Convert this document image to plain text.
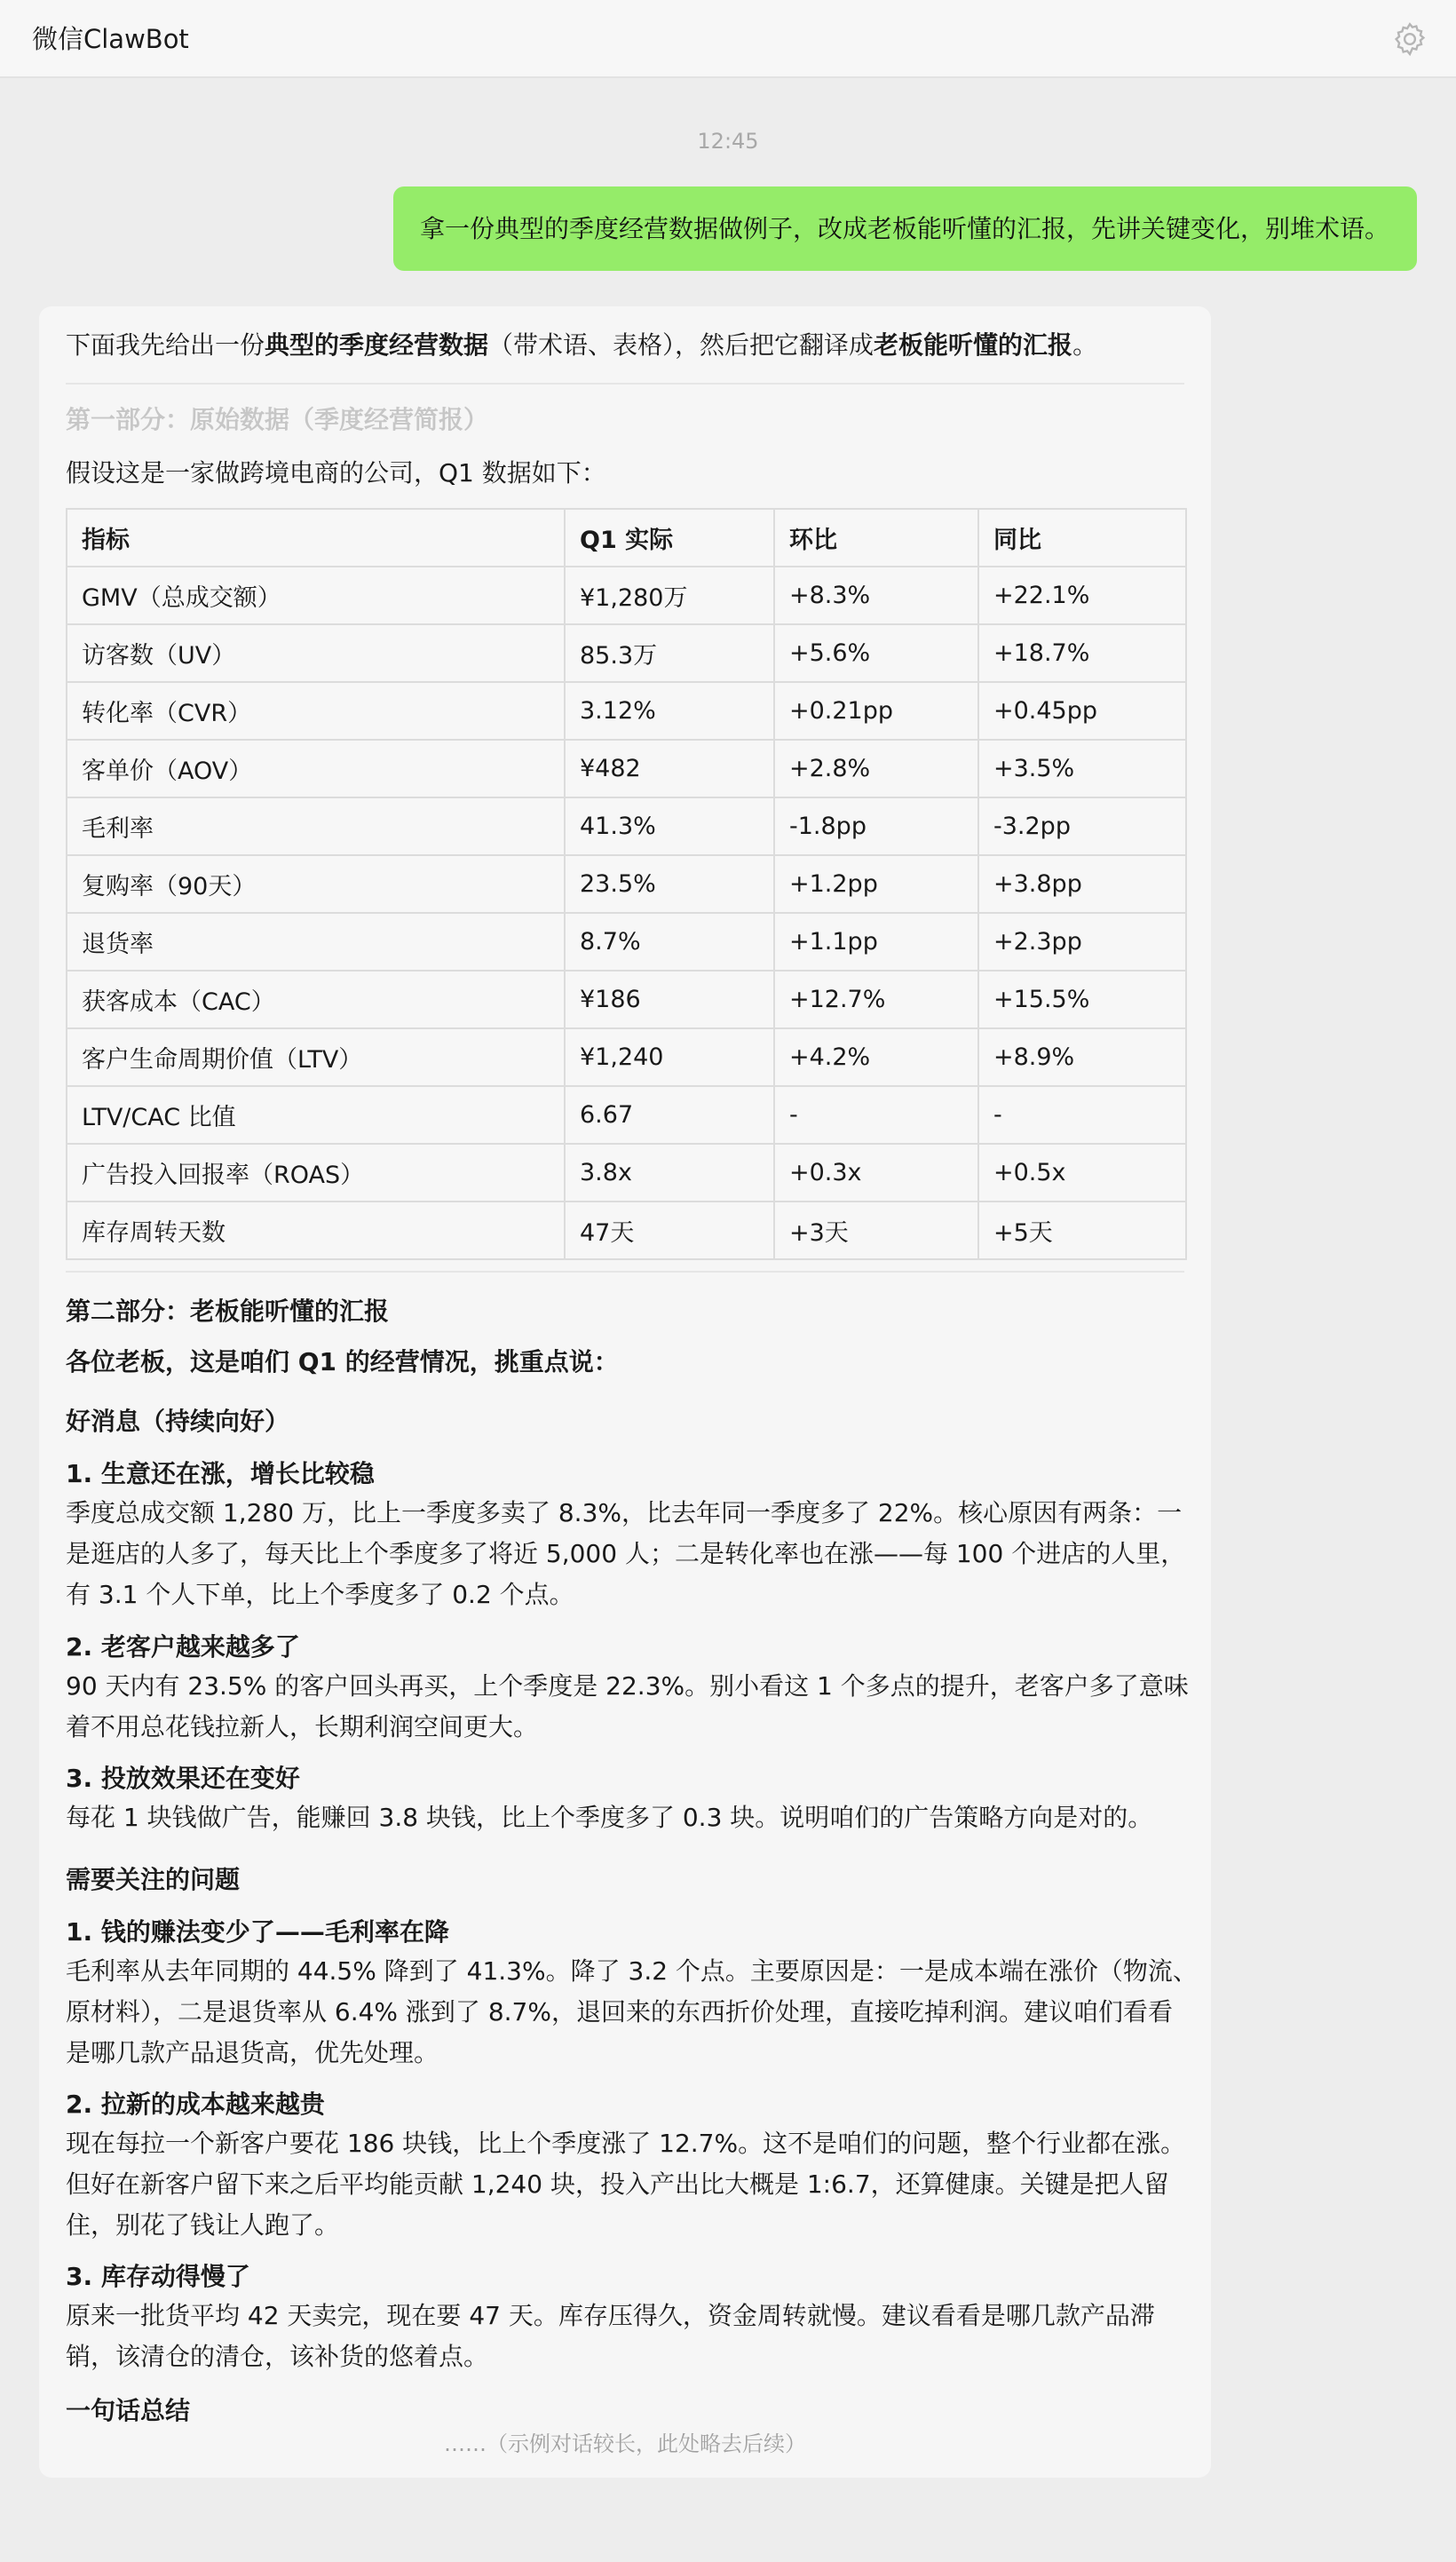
微信ClawBot
12:45
拿一份典型的季度经营数据做例子，改成老板能听懂的汇报，先讲关键变化，别堆术语。
下面我先给出一份典型的季度经营数据（带术语、表格），然后把它翻译成老板能听懂的汇报。
第一部分：原始数据（季度经营简报）
假设这是一家做跨境电商的公司，Q1 数据如下：
指标	Q1 实际	环比	同比
GMV（总成交额）	¥1,280万	+8.3%	+22.1%
访客数（UV）	85.3万	+5.6%	+18.7%
转化率（CVR）	3.12%	+0.21pp	+0.45pp
客单价（AOV）	¥482	+2.8%	+3.5%
毛利率	41.3%	-1.8pp	-3.2pp
复购率（90天）	23.5%	+1.2pp	+3.8pp
退货率	8.7%	+1.1pp	+2.3pp
获客成本（CAC）	¥186	+12.7%	+15.5%
客户生命周期价值（LTV）	¥1,240	+4.2%	+8.9%
LTV/CAC 比值	6.67	-	-
广告投入回报率（ROAS）	3.8x	+0.3x	+0.5x
库存周转天数	47天	+3天	+5天
第二部分：老板能听懂的汇报
各位老板，这是咱们 Q1 的经营情况，挑重点说：
好消息（持续向好）
1. 生意还在涨，增长比较稳
季度总成交额 1,280 万，比上一季度多卖了 8.3%，比去年同一季度多了 22%。核心原因有两条：一
是逛店的人多了，每天比上个季度多了将近 5,000 人；二是转化率也在涨——每 100 个进店的人里，
有 3.1 个人下单，比上个季度多了 0.2 个点。
2. 老客户越来越多了
90 天内有 23.5% 的客户回头再买，上个季度是 22.3%。别小看这 1 个多点的提升，老客户多了意味
着不用总花钱拉新人，长期利润空间更大。
3. 投放效果还在变好
每花 1 块钱做广告，能赚回 3.8 块钱，比上个季度多了 0.3 块。说明咱们的广告策略方向是对的。
需要关注的问题
1. 钱的赚法变少了——毛利率在降
毛利率从去年同期的 44.5% 降到了 41.3%。降了 3.2 个点。主要原因是：一是成本端在涨价（物流、
原材料），二是退货率从 6.4% 涨到了 8.7%，退回来的东西折价处理，直接吃掉利润。建议咱们看看
是哪几款产品退货高，优先处理。
2. 拉新的成本越来越贵
现在每拉一个新客户要花 186 块钱，比上个季度涨了 12.7%。这不是咱们的问题，整个行业都在涨。
但好在新客户留下来之后平均能贡献 1,240 块，投入产出比大概是 1:6.7，还算健康。关键是把人留
住，别花了钱让人跑了。
3. 库存动得慢了
原来一批货平均 42 天卖完，现在要 47 天。库存压得久，资金周转就慢。建议看看是哪几款产品滞
销，该清仓的清仓，该补货的悠着点。
一句话总结
……（示例对话较长，此处略去后续）
